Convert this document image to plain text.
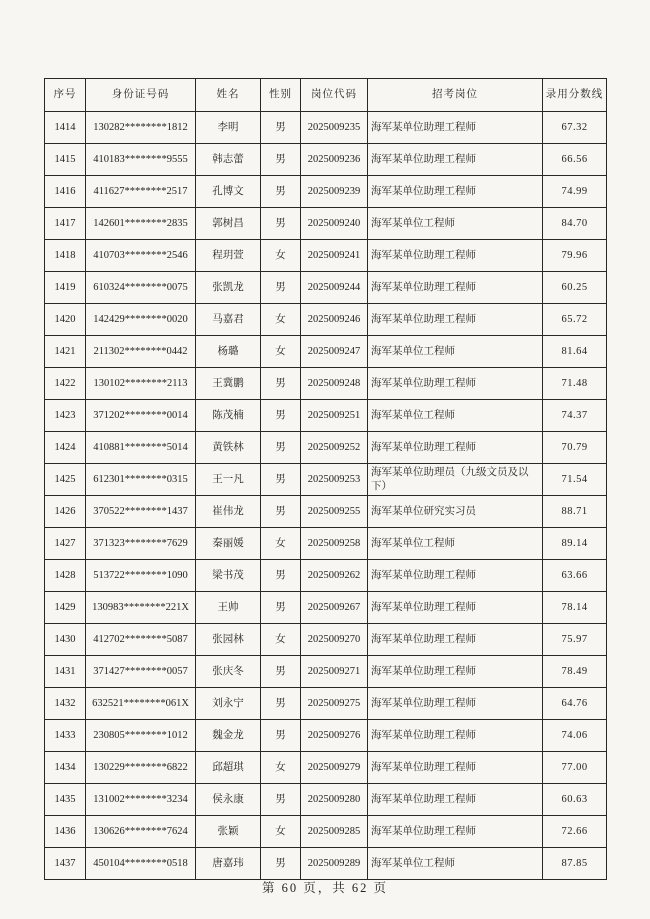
序号	身份证号码	姓名	性别	岗位代码	招考岗位	录用分数线
1414	130282********1812	李明	男	2025009235	海军某单位助理工程师	67.32
1415	410183********9555	韩志蕾	男	2025009236	海军某单位助理工程师	66.56
1416	411627********2517	孔博文	男	2025009239	海军某单位助理工程师	74.99
1417	142601********2835	郭树昌	男	2025009240	海军某单位工程师	84.70
1418	410703********2546	程玥萱	女	2025009241	海军某单位助理工程师	79.96
1419	610324********0075	张凯龙	男	2025009244	海军某单位助理工程师	60.25
1420	142429********0020	马嘉君	女	2025009246	海军某单位助理工程师	65.72
1421	211302********0442	杨璐	女	2025009247	海军某单位工程师	81.64
1422	130102********2113	王冀鹏	男	2025009248	海军某单位助理工程师	71.48
1423	371202********0014	陈茂楠	男	2025009251	海军某单位工程师	74.37
1424	410881********5014	黄铁林	男	2025009252	海军某单位助理工程师	70.79
1425	612301********0315	王一凡	男	2025009253	海军某单位助理员（九级文员及以下）	71.54
1426	370522********1437	崔伟龙	男	2025009255	海军某单位研究实习员	88.71
1427	371323********7629	秦丽媛	女	2025009258	海军某单位工程师	89.14
1428	513722********1090	梁书茂	男	2025009262	海军某单位助理工程师	63.66
1429	130983********221X	王帅	男	2025009267	海军某单位助理工程师	78.14
1430	412702********5087	张园林	女	2025009270	海军某单位助理工程师	75.97
1431	371427********0057	张庆冬	男	2025009271	海军某单位助理工程师	78.49
1432	632521********061X	刘永宁	男	2025009275	海军某单位助理工程师	64.76
1433	230805********1012	魏金龙	男	2025009276	海军某单位助理工程师	74.06
1434	130229********6822	邱超琪	女	2025009279	海军某单位助理工程师	77.00
1435	131002********3234	侯永康	男	2025009280	海军某单位助理工程师	60.63
1436	130626********7624	张颖	女	2025009285	海军某单位助理工程师	72.66
1437	450104********0518	唐嘉玮	男	2025009289	海军某单位工程师	87.85
第 60 页，共 62 页
